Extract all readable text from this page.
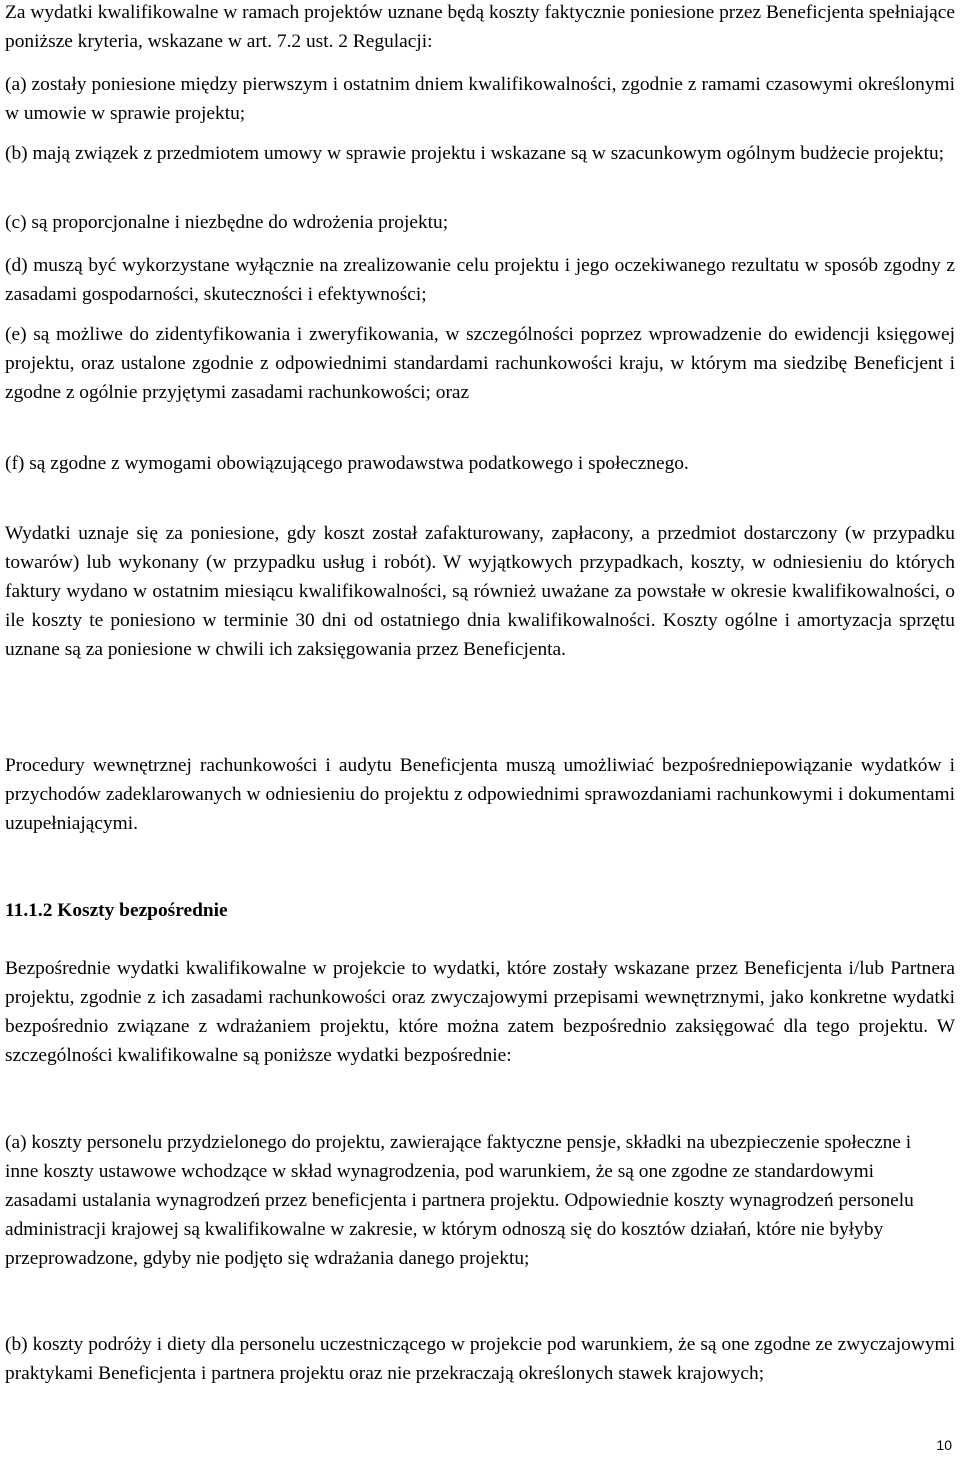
Za wydatki kwalifikowalne w ramach projektów uznane będą koszty faktycznie poniesione przez Beneficjenta spełniające poniższe kryteria, wskazane w art. 7.2 ust. 2 Regulacji:

(a) zostały poniesione między pierwszym i ostatnim dniem kwalifikowalności, zgodnie z ramami czasowymi określonymi w umowie w sprawie projektu;

(b) mają związek z przedmiotem umowy w sprawie projektu i wskazane są w szacunkowym ogólnym budżecie projektu;

(c) są proporcjonalne i niezbędne do wdrożenia projektu;

(d) muszą być wykorzystane wyłącznie na zrealizowanie celu projektu i jego oczekiwanego rezultatu w sposób zgodny z zasadami gospodarności, skuteczności i efektywności;

(e) są możliwe do zidentyfikowania i zweryfikowania, w szczególności poprzez wprowadzenie do ewidencji księgowej projektu, oraz ustalone zgodnie z odpowiednimi standardami rachunkowości kraju, w którym ma siedzibę Beneficjent i zgodne z ogólnie przyjętymi zasadami rachunkowości; oraz

(f) są zgodne z wymogami obowiązującego prawodawstwa podatkowego i społecznego.

Wydatki uznaje się za poniesione, gdy koszt został zafakturowany, zapłacony, a przedmiot dostarczony (w przypadku towarów) lub wykonany (w przypadku usług i robót). W wyjątkowych przypadkach, koszty, w odniesieniu do których faktury wydano w ostatnim miesiącu kwalifikowalności, są również uważane za powstałe w okresie kwalifikowalności, o ile koszty te poniesiono w terminie 30 dni od ostatniego dnia kwalifikowalności. Koszty ogólne i amortyzacja sprzętu uznane są za poniesione w chwili ich zaksięgowania przez Beneficjenta.

Procedury wewnętrznej rachunkowości i audytu Beneficjenta muszą umożliwiać bezpośredniepowiązanie wydatków i przychodów zadeklarowanych w odniesieniu do projektu z odpowiednimi sprawozdaniami rachunkowymi i dokumentami uzupełniającymi.

11.1.2 Koszty bezpośrednie

Bezpośrednie wydatki kwalifikowalne w projekcie to wydatki, które zostały wskazane przez Beneficjenta i/lub Partnera projektu, zgodnie z ich zasadami rachunkowości oraz zwyczajowymi przepisami wewnętrznymi, jako konkretne wydatki bezpośrednio związane z wdrażaniem projektu, które można zatem bezpośrednio zaksięgować dla tego projektu. W szczególności kwalifikowalne są poniższe wydatki bezpośrednie:

(a) koszty personelu przydzielonego do projektu, zawierające faktyczne pensje, składki na ubezpieczenie społeczne i inne koszty ustawowe wchodzące w skład wynagrodzenia, pod warunkiem, że są one zgodne ze standardowymi zasadami ustalania wynagrodzeń przez beneficjenta i partnera projektu. Odpowiednie koszty wynagrodzeń personelu administracji krajowej są kwalifikowalne w zakresie, w którym odnoszą się do kosztów działań, które nie byłyby przeprowadzone, gdyby nie podjęto się wdrażania danego projektu;

(b) koszty podróży i diety dla personelu uczestniczącego w projekcie pod warunkiem, że są one zgodne ze zwyczajowymi praktykami Beneficjenta i partnera projektu oraz nie przekraczają określonych stawek krajowych;

10
